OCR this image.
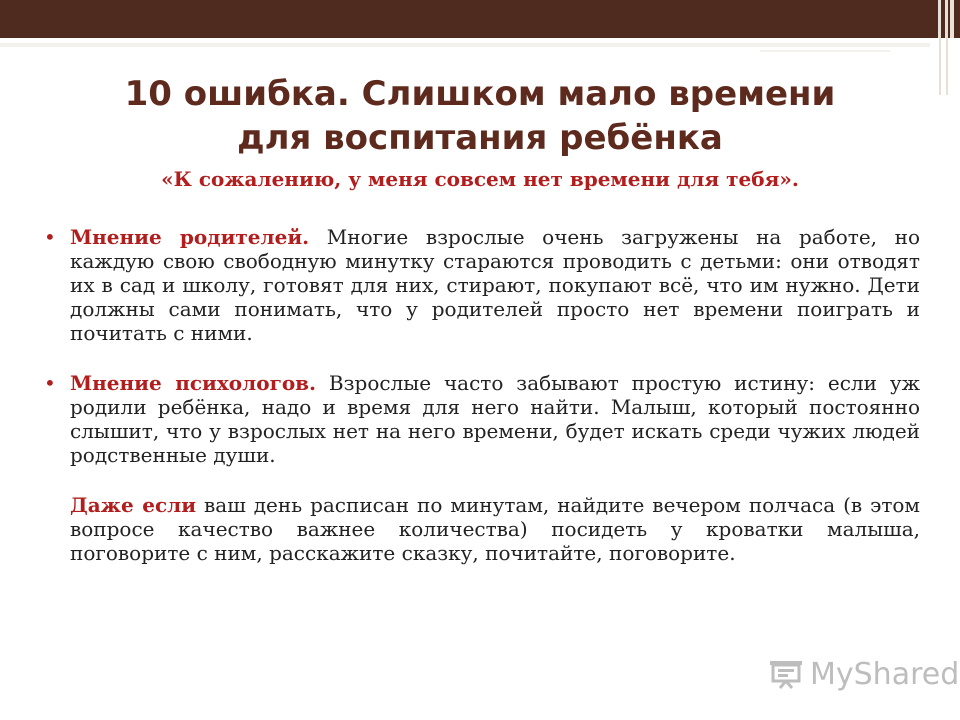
10 ошибка. Слишком мало времени
для воспитания ребёнка

«К сожалению, у меня совсем нет времени для тебя».

• Мнение родителей. Многие взрослые очень загружены на работе, но каждую свою свободную минутку стараются проводить с детьми: они отводят их в сад и школу, готовят для них, стирают, покупают всё, что им нужно. Дети должны сами понимать, что у родителей просто нет времени поиграть и почитать с ними.

• Мнение психологов. Взрослые часто забывают простую истину: если уж родили ребёнка, надо и время для него найти. Малыш, который постоянно слышит, что у взрослых нет на него времени, будет искать среди чужих людей родственные души.

Даже если ваш день расписан по минутам, найдите вечером полчаса (в этом вопросе качество важнее количества) посидеть у кроватки малыша, поговорите с ним, расскажите сказку, почитайте, поговорите.

MyShared
